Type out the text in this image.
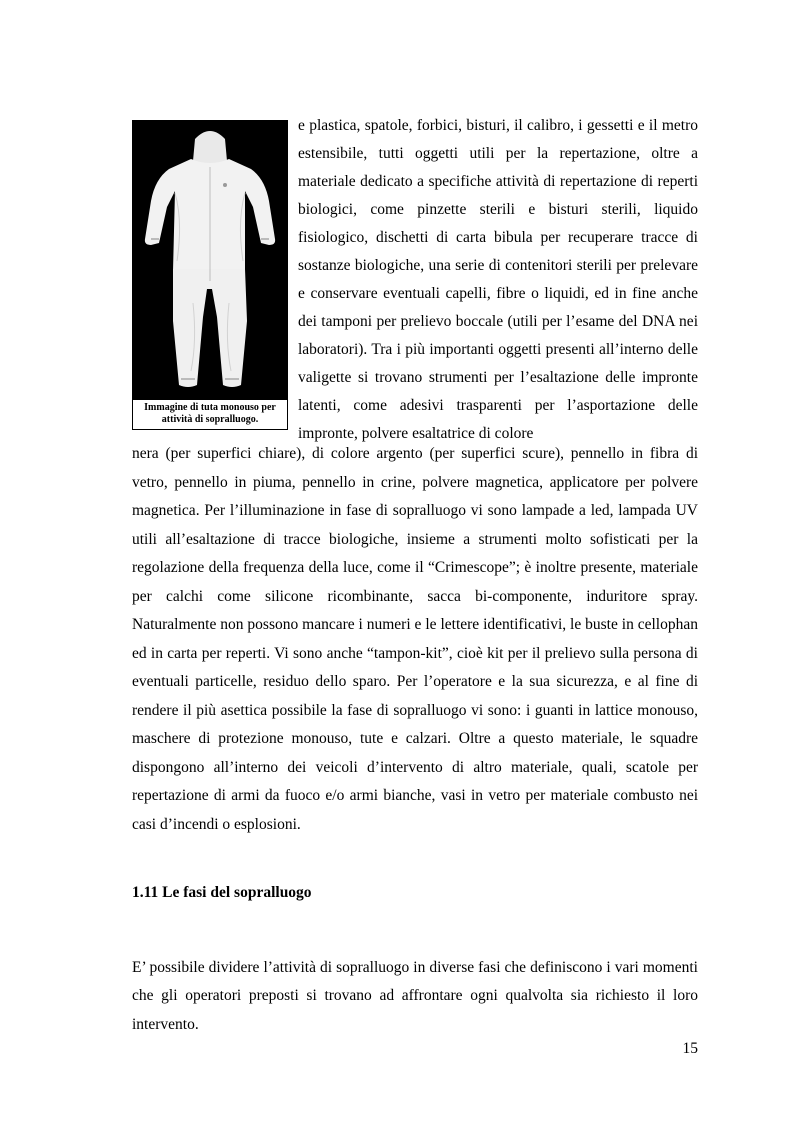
Immagine di tuta monouso per attività di sopralluogo.

e plastica, spatole, forbici, bisturi, il calibro, i gessetti e il metro estensibile, tutti oggetti utili per la repertazione, oltre a materiale dedicato a specifiche attività di repertazione di reperti biologici, come pinzette sterili e bisturi sterili, liquido fisiologico, dischetti di carta bibula per recuperare tracce di sostanze biologiche, una serie di contenitori sterili per prelevare e conservare eventuali capelli, fibre o liquidi, ed in fine anche dei tamponi per prelievo boccale (utili per l’esame del DNA nei laboratori). Tra i più importanti oggetti presenti all’interno delle valigette si trovano strumenti per l’esaltazione delle impronte latenti, come adesivi trasparenti per l’asportazione delle impronte, polvere esaltatrice di colore

nera (per superfici chiare), di colore argento (per superfici scure), pennello in fibra di vetro, pennello in piuma, pennello in crine, polvere magnetica, applicatore per polvere magnetica. Per l’illuminazione in fase di sopralluogo vi sono lampade a led, lampada UV utili all’esaltazione di tracce biologiche, insieme a strumenti molto sofisticati per la regolazione della frequenza della luce, come il “Crimescope”; è inoltre presente, materiale per calchi come silicone ricombinante, sacca bi-componente, induritore spray. Naturalmente non possono mancare i numeri e le lettere identificativi, le buste in cellophan ed in carta per reperti. Vi sono anche “tampon-kit”, cioè kit per il prelievo sulla persona di eventuali particelle, residuo dello sparo. Per l’operatore e la sua sicurezza, e al fine di rendere il più asettica possibile la fase di sopralluogo vi sono: i guanti in lattice monouso, maschere di protezione monouso, tute e calzari. Oltre a questo materiale, le squadre dispongono all’interno dei veicoli d’intervento di altro materiale, quali, scatole per repertazione di armi da fuoco e/o armi bianche, vasi in vetro per materiale combusto nei casi d’incendi o esplosioni.

1.11 Le fasi del sopralluogo

E’ possibile dividere l’attività di sopralluogo in diverse fasi che definiscono i vari momenti che gli operatori preposti si trovano ad affrontare ogni qualvolta sia richiesto il loro intervento.

15
